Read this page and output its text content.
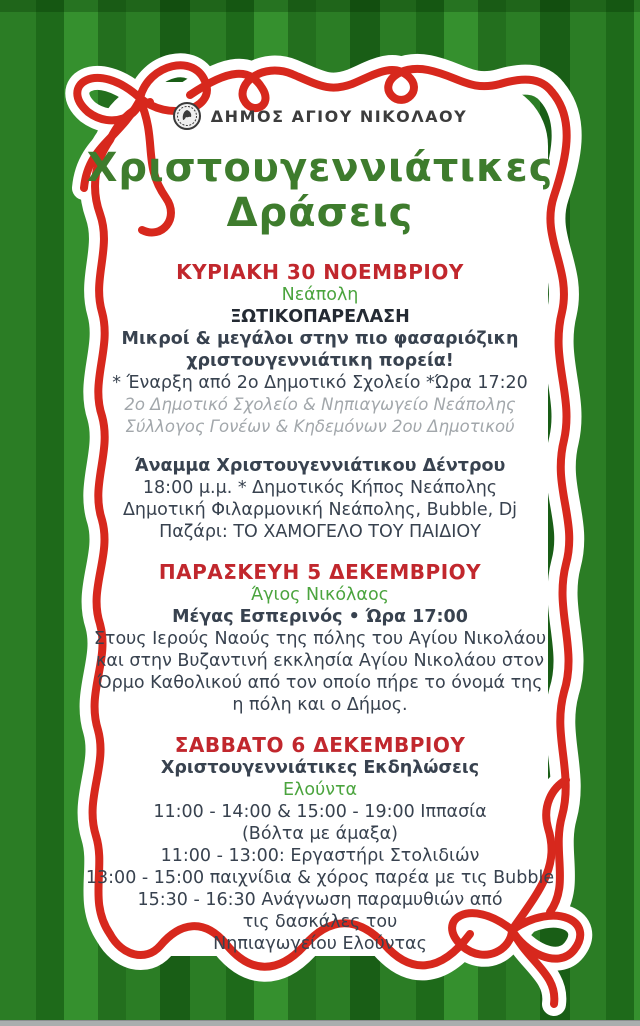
ΔΗΜΟΣ ΑΓΙΟΥ ΝΙΚΟΛΑΟΥ
Χριστουγεννιάτικες
Δράσεις
ΚΥΡΙΑΚΗ 30 ΝΟΕΜΒΡΙΟΥ
Νεάπολη
ΞΩΤΙΚΟΠΑΡΕΛΑΣΗ
Μικροί & μεγάλοι στην πιο φασαριόζικη
χριστουγεννιάτικη πορεία!
* Έναρξη από 2ο Δημοτικό Σχολείο *Ώρα 17:20
2ο Δημοτικό Σχολείο & Νηπιαγωγείο Νεάπολης
Σύλλογος Γονέων & Κηδεμόνων 2ου Δημοτικού
Άναμμα Χριστουγεννιάτικου Δέντρου
18:00 μ.μ. * Δημοτικός Κήπος Νεάπολης
Δημοτική Φιλαρμονική Νεάπολης, Bubble, Dj
Παζάρι: ΤΟ ΧΑΜΟΓΕΛΟ ΤΟΥ ΠΑΙΔΙΟΥ
ΠΑΡΑΣΚΕΥΗ 5 ΔΕΚΕΜΒΡΙΟΥ
Άγιος Νικόλαος
Μέγας Εσπερινός • Ώρα 17:00
Στους Ιερούς Ναούς της πόλης του Αγίου Νικολάου
και στην Βυζαντινή εκκλησία Αγίου Νικολάου στον
Όρμο Καθολικού από τον οποίο πήρε το όνομά της
η πόλη και ο Δήμος.
ΣΑΒΒΑΤΟ 6 ΔΕΚΕΜΒΡΙΟΥ
Χριστουγεννιάτικες Εκδηλώσεις
Ελούντα
11:00 - 14:00 & 15:00 - 19:00 Ιππασία
(Βόλτα με άμαξα)
11:00 - 13:00: Εργαστήρι Στολιδιών
13:00 - 15:00 παιχνίδια & χόρος παρέα με τις Bubble
15:30 - 16:30 Ανάγνωση παραμυθιών από
τις δασκάλες του
Νηπιαγωγείου Ελούντας
